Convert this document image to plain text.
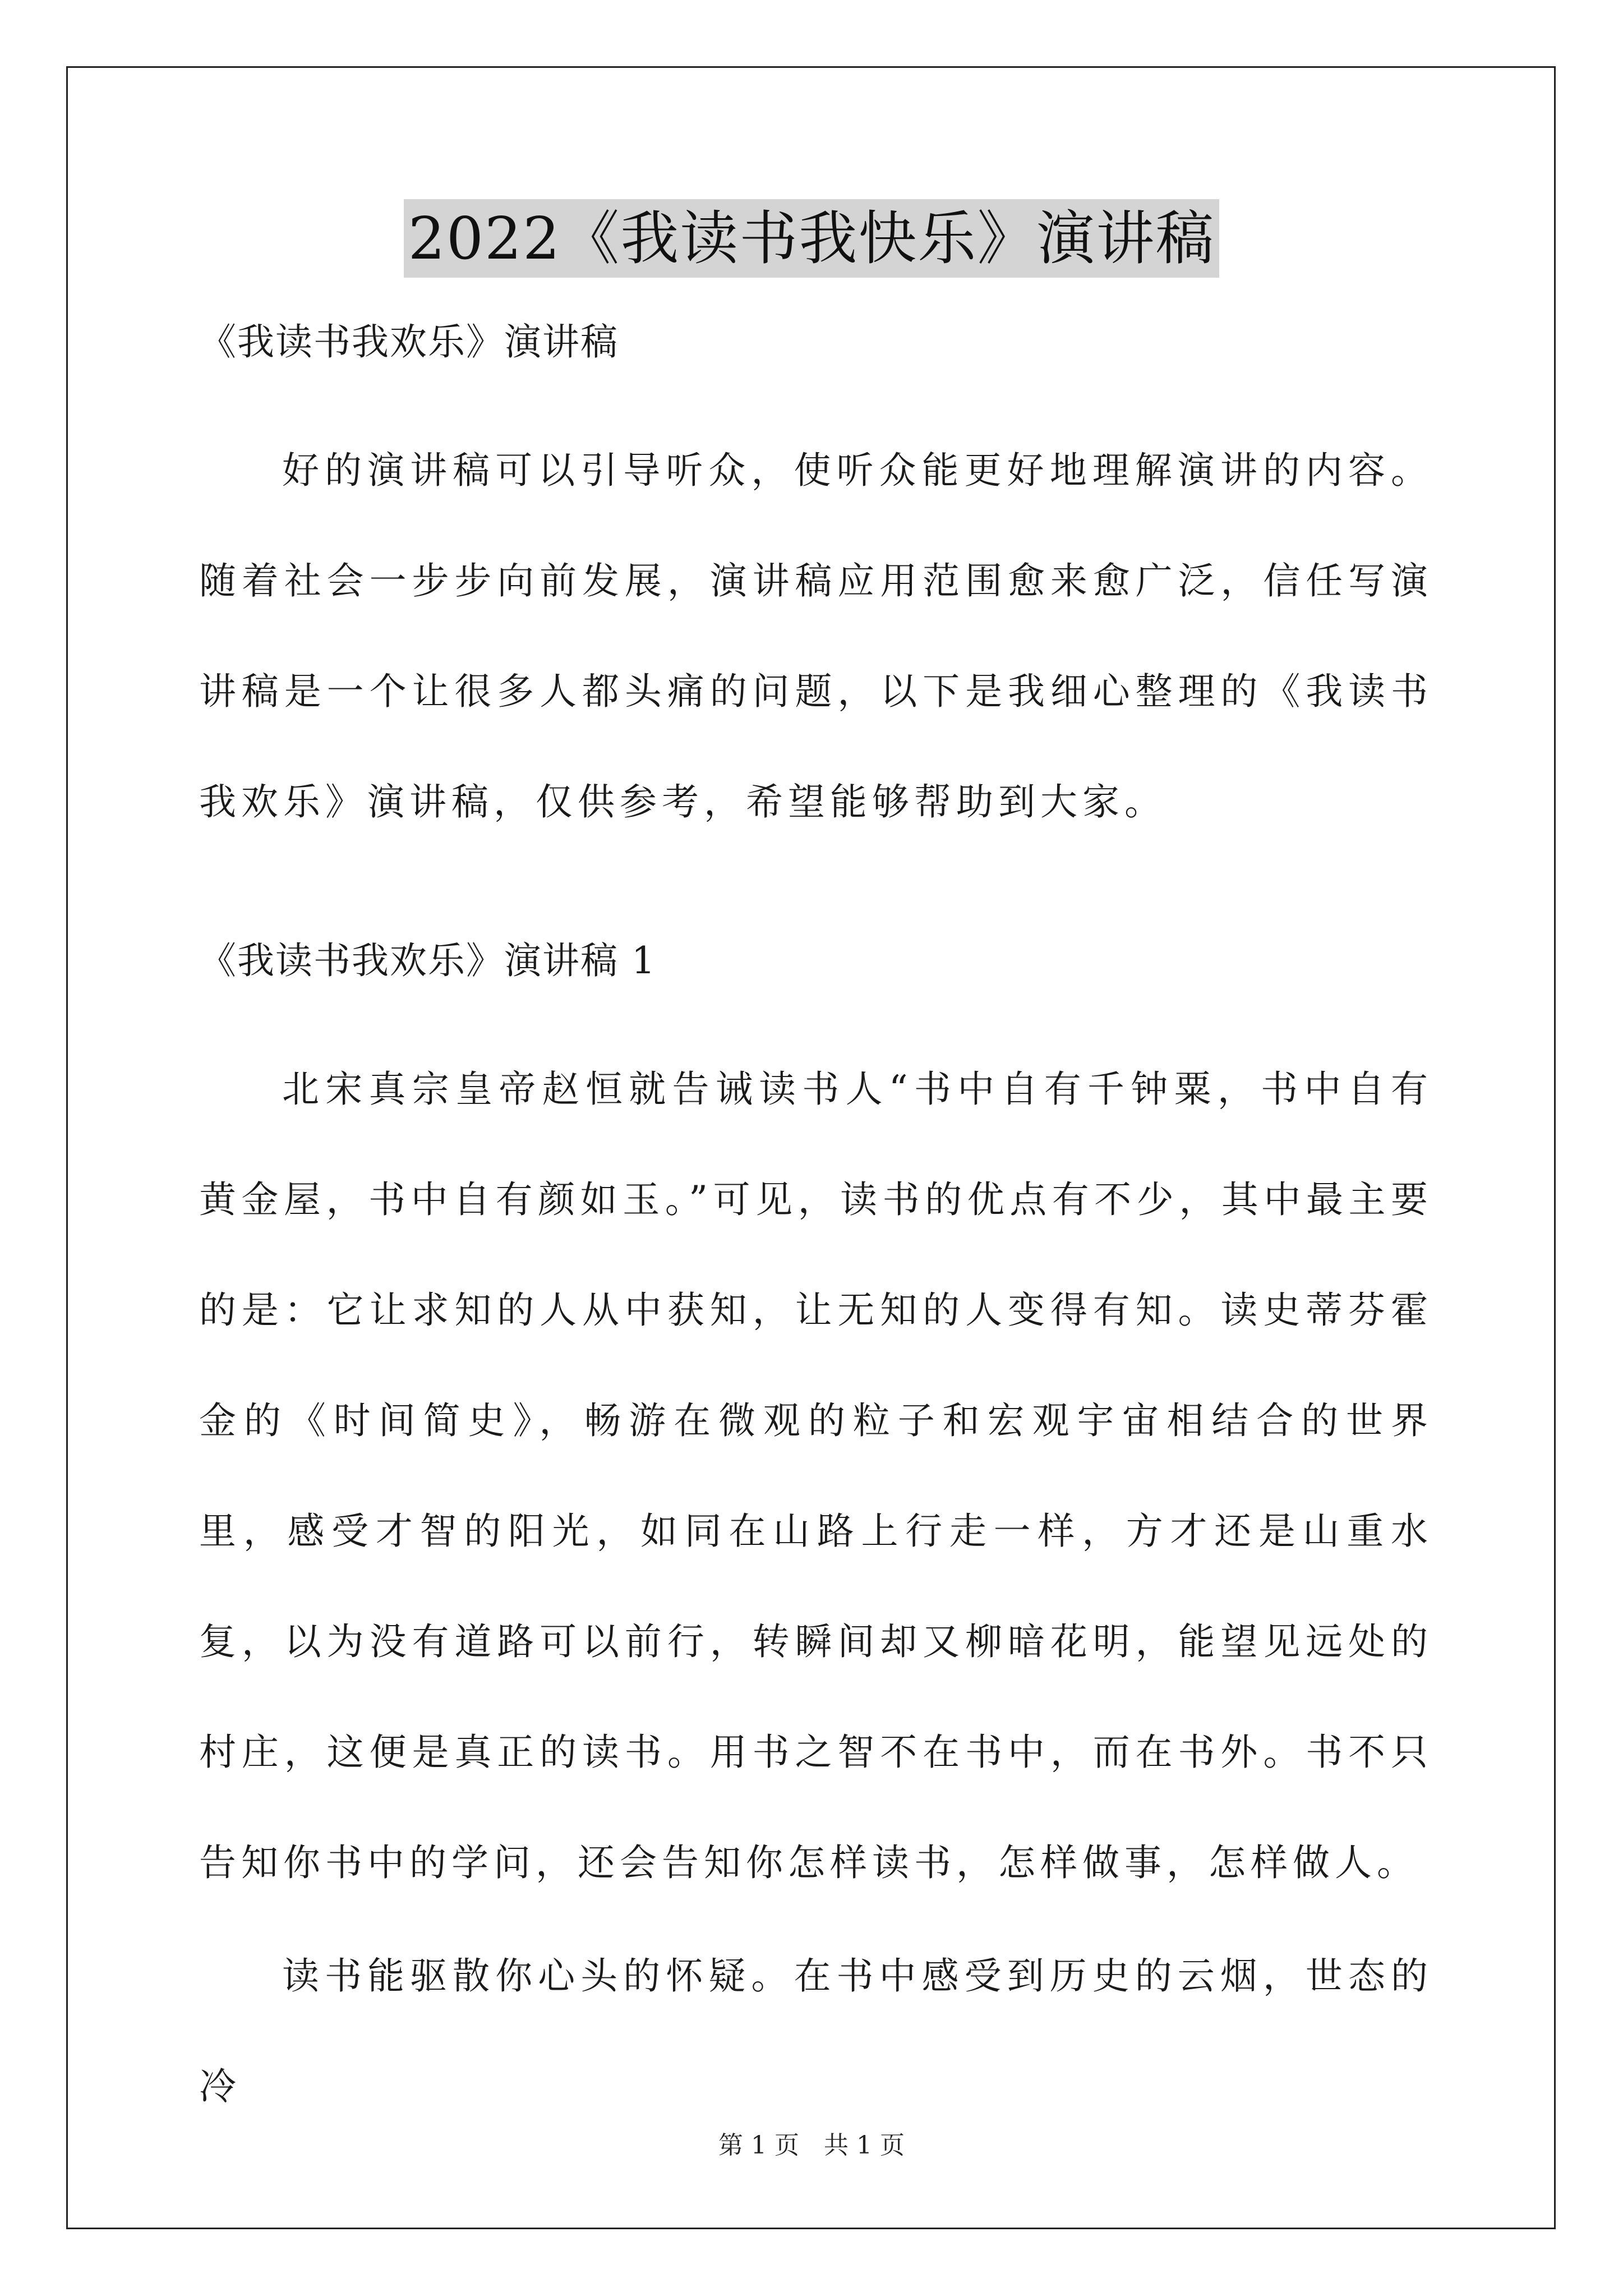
2022《我读书我快乐》演讲稿

《我读书我欢乐》演讲稿

好的演讲稿可以引导听众，使听众能更好地理解演讲的内容。随着社会一步步向前发展，演讲稿应用范围愈来愈广泛，信任写演讲稿是一个让很多人都头痛的问题，以下是我细心整理的《我读书我欢乐》演讲稿，仅供参考，希望能够帮助到大家。

《我读书我欢乐》演讲稿 1

北宋真宗皇帝赵恒就告诫读书人“书中自有千钟粟，书中自有黄金屋，书中自有颜如玉。”可见，读书的优点有不少，其中最主要的是：它让求知的人从中获知，让无知的人变得有知。读史蒂芬霍金的《时间简史》，畅游在微观的粒子和宏观宇宙相结合的世界里，感受才智的阳光，如同在山路上行走一样，方才还是山重水复，以为没有道路可以前行，转瞬间却又柳暗花明，能望见远处的村庄，这便是真正的读书。用书之智不在书中，而在书外。书不只告知你书中的学问，还会告知你怎样读书，怎样做事，怎样做人。

读书能驱散你心头的怀疑。在书中感受到历史的云烟，世态的冷

第 1 页　共 1 页
